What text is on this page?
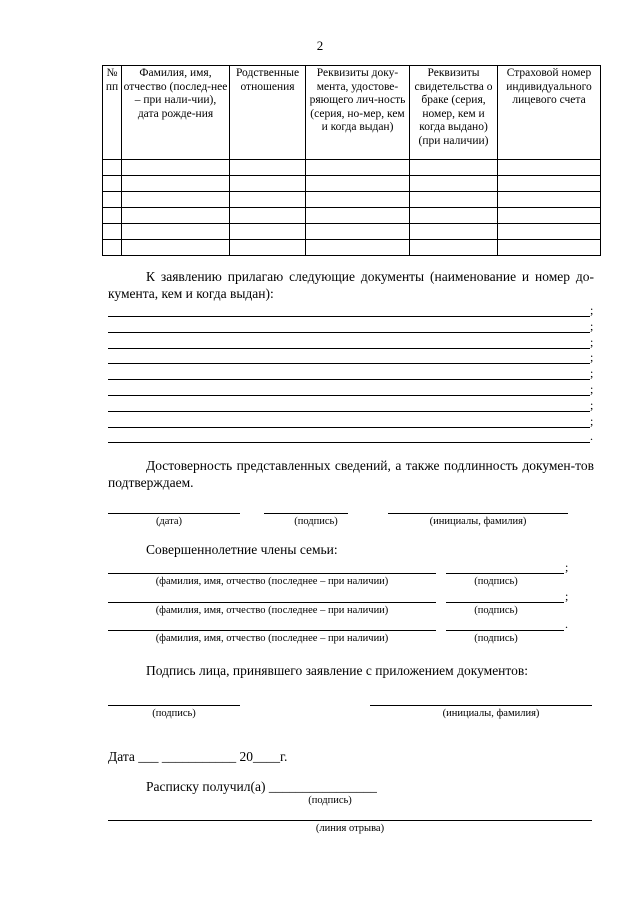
2
№ пп	Фамилия, имя, отчество (послед-нее – при нали-чии), дата рожде-ния	Родственные отношения	Реквизиты доку-мента, удостове-ряющего лич-ность (серия, но-мер, кем и когда выдан)	Реквизиты свидетельства о браке (серия, номер, кем и когда выдано) (при наличии)	Страховой номер индивидуального лицевого счета

К заявлению прилагаю следующие документы (наименование и номер до-кумента, кем и когда выдан):
;
;
;
;
;
;
;
;
.
Достоверность представленных сведений, а также подлинность докумен-тов подтверждаем.
(дата)	(подпись)	(инициалы, фамилия)
Совершеннолетние члены семьи:
;
(фамилия, имя, отчество (последнее – при наличии)	(подпись)
;
(фамилия, имя, отчество (последнее – при наличии)	(подпись)
.
(фамилия, имя, отчество (последнее – при наличии)	(подпись)
Подпись лица, принявшего заявление с приложением документов:
(подпись)	(инициалы, фамилия)
Дата ___ ___________ 20____г.
Расписку получил(а) ________________
(подпись)
(линия отрыва)
